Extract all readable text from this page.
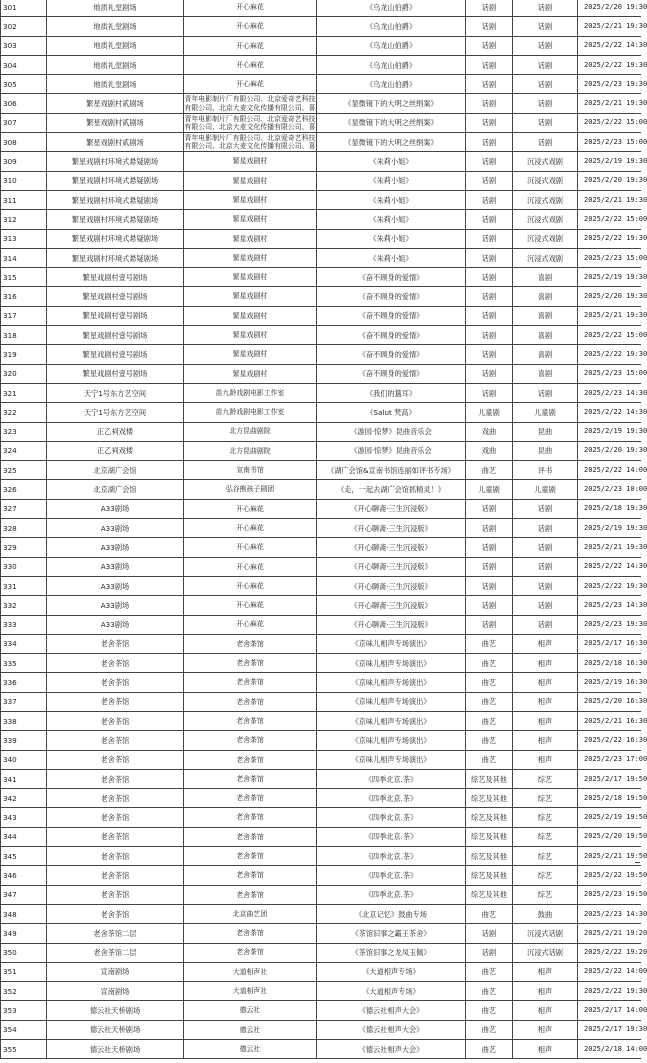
301	地质礼堂剧场	开心麻花	《乌龙山伯爵》	话剧	话剧	2025/2/20 19:30
302	地质礼堂剧场	开心麻花	《乌龙山伯爵》	话剧	话剧	2025/2/21 19:30
303	地质礼堂剧场	开心麻花	《乌龙山伯爵》	话剧	话剧	2025/2/22 14:30
304	地质礼堂剧场	开心麻花	《乌龙山伯爵》	话剧	话剧	2025/2/22 19:30
305	地质礼堂剧场	开心麻花	《乌龙山伯爵》	话剧	话剧	2025/2/23 19:30
306	繁星戏剧村贰剧场	青年电影制片厂有限公司、北京爱奇艺科技有限公司、北京大麦文化传播有限公司、喜	《显微镜下的大明之丝绢案》	话剧	话剧	2025/2/21 19:30
307	繁星戏剧村贰剧场	青年电影制片厂有限公司、北京爱奇艺科技有限公司、北京大麦文化传播有限公司、喜	《显微镜下的大明之丝绢案》	话剧	话剧	2025/2/22 15:00
308	繁星戏剧村贰剧场	青年电影制片厂有限公司、北京爱奇艺科技有限公司、北京大麦文化传播有限公司、喜	《显微镜下的大明之丝绢案》	话剧	话剧	2025/2/23 15:00
309	繁星戏剧村环境式悬疑剧场	繁星戏剧村	《朱莉小姐》	话剧	沉浸式戏剧	2025/2/19 19:30
310	繁星戏剧村环境式悬疑剧场	繁星戏剧村	《朱莉小姐》	话剧	沉浸式戏剧	2025/2/20 19:30
311	繁星戏剧村环境式悬疑剧场	繁星戏剧村	《朱莉小姐》	话剧	沉浸式戏剧	2025/2/21 19:30
312	繁星戏剧村环境式悬疑剧场	繁星戏剧村	《朱莉小姐》	话剧	沉浸式戏剧	2025/2/22 15:00
313	繁星戏剧村环境式悬疑剧场	繁星戏剧村	《朱莉小姐》	话剧	沉浸式戏剧	2025/2/22 19:30
314	繁星戏剧村环境式悬疑剧场	繁星戏剧村	《朱莉小姐》	话剧	沉浸式戏剧	2025/2/23 15:00
315	繁星戏剧村壹号剧场	繁星戏剧村	《奋不顾身的爱情》	话剧	喜剧	2025/2/19 19:30
316	繁星戏剧村壹号剧场	繁星戏剧村	《奋不顾身的爱情》	话剧	喜剧	2025/2/20 19:30
317	繁星戏剧村壹号剧场	繁星戏剧村	《奋不顾身的爱情》	话剧	喜剧	2025/2/21 19:30
318	繁星戏剧村壹号剧场	繁星戏剧村	《奋不顾身的爱情》	话剧	喜剧	2025/2/22 15:00
319	繁星戏剧村壹号剧场	繁星戏剧村	《奋不顾身的爱情》	话剧	喜剧	2025/2/22 19:30
320	繁星戏剧村壹号剧场	繁星戏剧村	《奋不顾身的爱情》	话剧	喜剧	2025/2/23 15:00
321	天宁1号东方艺空间	苗九龄戏剧电影工作室	《我们的簋耳》	话剧	话剧	2025/2/23 14:30
322	天宁1号东方艺空间	苗九龄戏剧电影工作室	《Salut 梵高》	儿童剧	儿童剧	2025/2/22 14:30
323	正乙祠戏楼	北方昆曲剧院	《游园·惊梦》昆曲音乐会	戏曲	昆曲	2025/2/19 19:30
324	正乙祠戏楼	北方昆曲剧院	《游园·惊梦》昆曲音乐会	戏曲	昆曲	2025/2/20 19:30
325	北京湖广会馆	宣南书馆	《湖广会馆&宣南书馆连丽如评书专场》	曲艺	评书	2025/2/22 14:00
326	北京湖广会馆	弘谷熊孩子剧团	《走，一起去湖广会馆抓精灵！》	儿童剧	儿童剧	2025/2/23 10:00
327	A33剧场	开心麻花	《开心聊斋·三生沉浸版》	话剧	话剧	2025/2/18 19:30
328	A33剧场	开心麻花	《开心聊斋·三生沉浸版》	话剧	话剧	2025/2/19 19:30
329	A33剧场	开心麻花	《开心聊斋·三生沉浸版》	话剧	话剧	2025/2/21 19:30
330	A33剧场	开心麻花	《开心聊斋·三生沉浸版》	话剧	话剧	2025/2/22 14:30
331	A33剧场	开心麻花	《开心聊斋·三生沉浸版》	话剧	话剧	2025/2/22 19:30
332	A33剧场	开心麻花	《开心聊斋·三生沉浸版》	话剧	话剧	2025/2/23 14:30
333	A33剧场	开心麻花	《开心聊斋·三生沉浸版》	话剧	话剧	2025/2/23 19:30
334	老舍茶馆	老舍茶馆	《京味儿相声专场演出》	曲艺	相声	2025/2/17 16:30
335	老舍茶馆	老舍茶馆	《京味儿相声专场演出》	曲艺	相声	2025/2/18 16:30
336	老舍茶馆	老舍茶馆	《京味儿相声专场演出》	曲艺	相声	2025/2/19 16:30
337	老舍茶馆	老舍茶馆	《京味儿相声专场演出》	曲艺	相声	2025/2/20 16:30
338	老舍茶馆	老舍茶馆	《京味儿相声专场演出》	曲艺	相声	2025/2/21 16:30
339	老舍茶馆	老舍茶馆	《京味儿相声专场演出》	曲艺	相声	2025/2/22 16:30
340	老舍茶馆	老舍茶馆	《京味儿相声专场演出》	曲艺	相声	2025/2/23 17:00
341	老舍茶馆	老舍茶馆	《四季北京.茶》	综艺及其他	综艺	2025/2/17 19:50
342	老舍茶馆	老舍茶馆	《四季北京.茶》	综艺及其他	综艺	2025/2/18 19:50
343	老舍茶馆	老舍茶馆	《四季北京.茶》	综艺及其他	综艺	2025/2/19 19:50
344	老舍茶馆	老舍茶馆	《四季北京.茶》	综艺及其他	综艺	2025/2/20 19:50
345	老舍茶馆	老舍茶馆	《四季北京.茶》	综艺及其他	综艺	2025/2/21 19:50
346	老舍茶馆	老舍茶馆	《四季北京.茶》	综艺及其他	综艺	2025/2/22 19:50
347	老舍茶馆	老舍茶馆	《四季北京.茶》	综艺及其他	综艺	2025/2/23 19:50
348	老舍茶馆	北京曲艺团	《北京记忆》鼓曲专场	曲艺	鼓曲	2025/2/23 14:30
349	老舍茶馆二层	老舍茶馆	《茶馆旧事之霸王茶舍》	话剧	沉浸式话剧	2025/2/21 19:20
350	老舍茶馆二层	老舍茶馆	《茶馆旧事之龙凤玉佩》	话剧	沉浸式话剧	2025/2/22 19:20
351	宣南剧场	大道相声社	《大道相声专场》	曲艺	相声	2025/2/22 14:00
352	宣南剧场	大道相声社	《大道相声专场》	曲艺	相声	2025/2/22 19:30
353	德云社天桥剧场	德云社	《德云社相声大会》	曲艺	相声	2025/2/17 14:00
354	德云社天桥剧场	德云社	《德云社相声大会》	曲艺	相声	2025/2/17 19:30
355	德云社天桥剧场	德云社	《德云社相声大会》	曲艺	相声	2025/2/18 14:00
